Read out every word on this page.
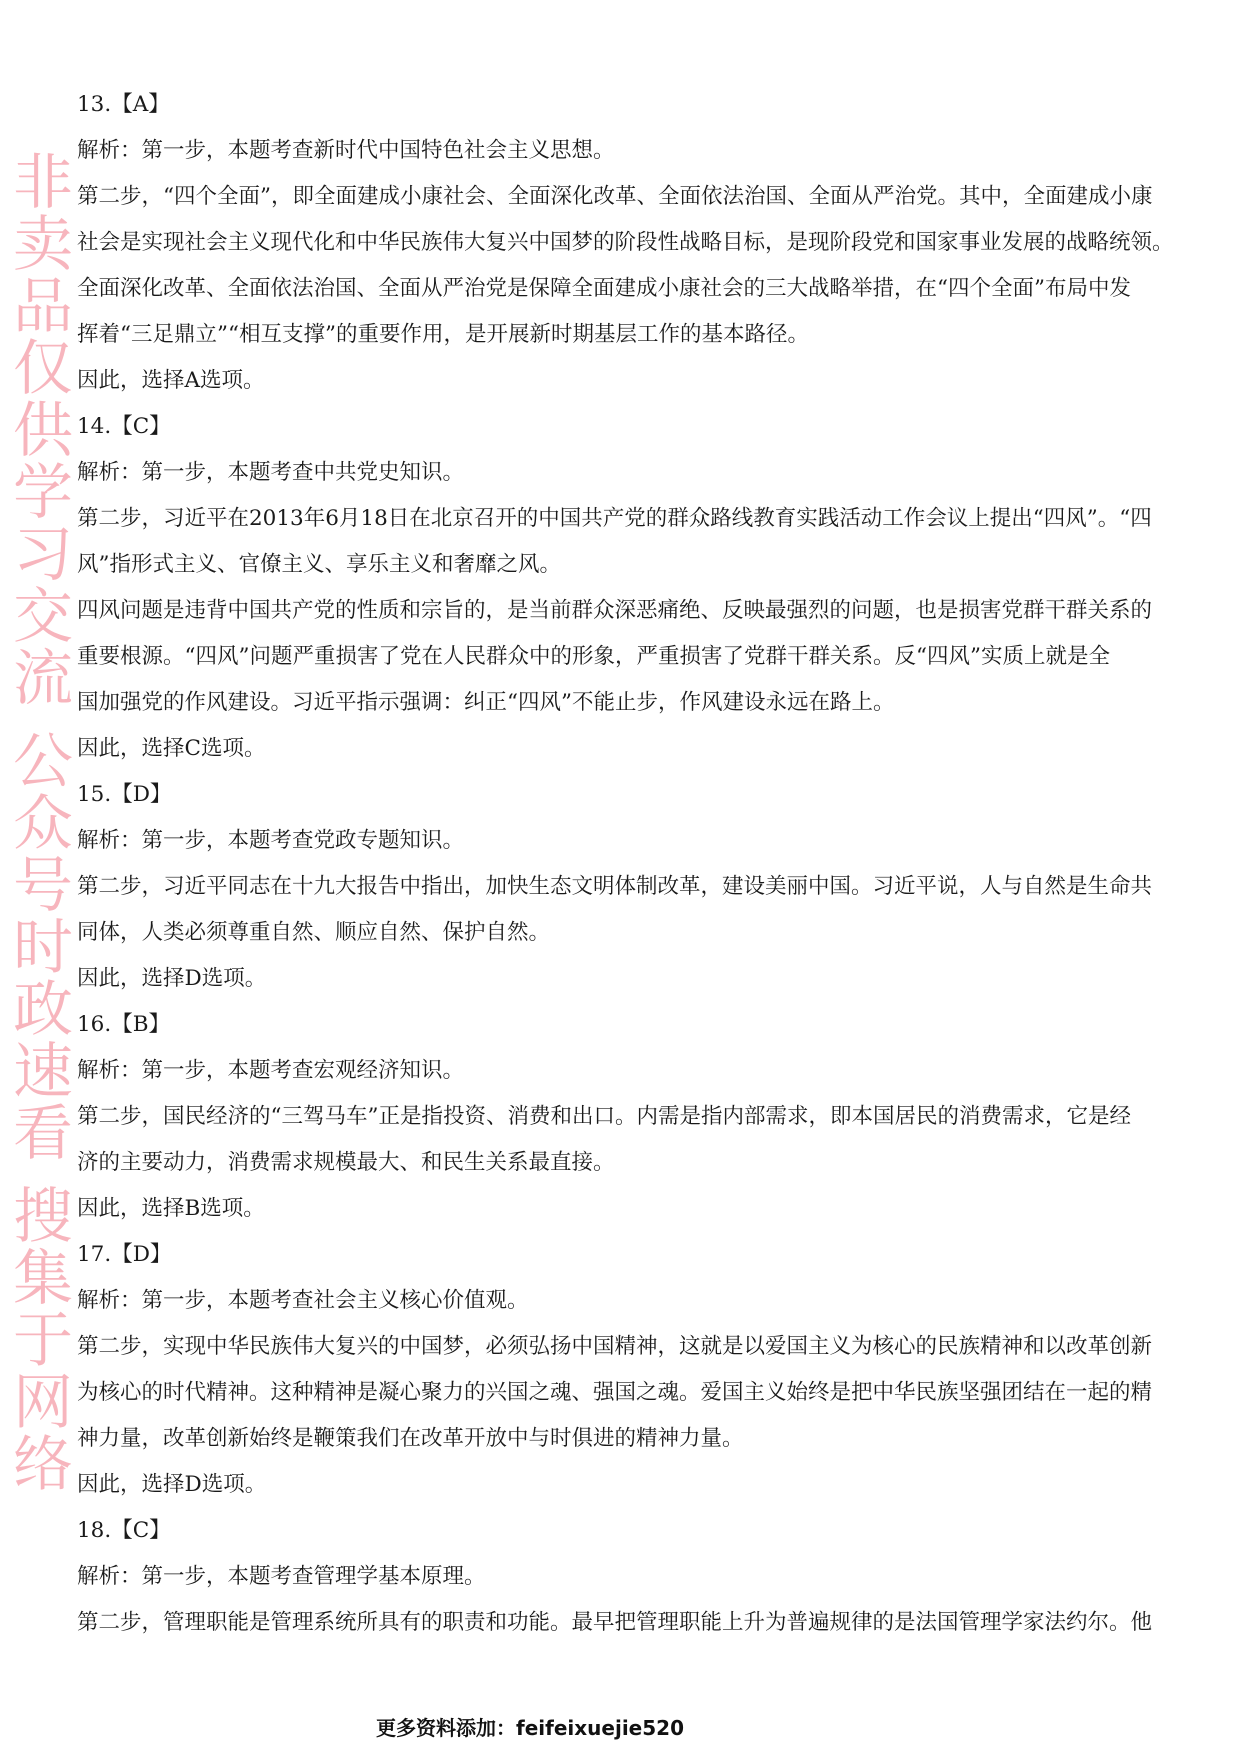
非卖品仅供学习交流 公众号时政速看 搜集于网络
13.【A】
解析：第一步，本题考查新时代中国特色社会主义思想。
第二步，“四个全面”，即全面建成小康社会、全面深化改革、全面依法治国、全面从严治党。其中，全面建成小康
社会是实现社会主义现代化和中华民族伟大复兴中国梦的阶段性战略目标，是现阶段党和国家事业发展的战略统领。
全面深化改革、全面依法治国、全面从严治党是保障全面建成小康社会的三大战略举措，在“四个全面”布局中发
挥着“三足鼎立”“相互支撑”的重要作用，是开展新时期基层工作的基本路径。
因此，选择A选项。
14.【C】
解析：第一步，本题考查中共党史知识。
第二步，习近平在2013年6月18日在北京召开的中国共产党的群众路线教育实践活动工作会议上提出“四风”。“四
风”指形式主义、官僚主义、享乐主义和奢靡之风。
四风问题是违背中国共产党的性质和宗旨的，是当前群众深恶痛绝、反映最强烈的问题，也是损害党群干群关系的
重要根源。“四风”问题严重损害了党在人民群众中的形象，严重损害了党群干群关系。反“四风”实质上就是全
国加强党的作风建设。习近平指示强调：纠正“四风”不能止步，作风建设永远在路上。
因此，选择C选项。
15.【D】
解析：第一步，本题考查党政专题知识。
第二步，习近平同志在十九大报告中指出，加快生态文明体制改革，建设美丽中国。习近平说，人与自然是生命共
同体，人类必须尊重自然、顺应自然、保护自然。
因此，选择D选项。
16.【B】
解析：第一步，本题考查宏观经济知识。
第二步，国民经济的“三驾马车”正是指投资、消费和出口。内需是指内部需求，即本国居民的消费需求，它是经
济的主要动力，消费需求规模最大、和民生关系最直接。
因此，选择B选项。
17.【D】
解析：第一步，本题考查社会主义核心价值观。
第二步，实现中华民族伟大复兴的中国梦，必须弘扬中国精神，这就是以爱国主义为核心的民族精神和以改革创新
为核心的时代精神。这种精神是凝心聚力的兴国之魂、强国之魂。爱国主义始终是把中华民族坚强团结在一起的精
神力量，改革创新始终是鞭策我们在改革开放中与时俱进的精神力量。
因此，选择D选项。
18.【C】
解析：第一步，本题考查管理学基本原理。
第二步，管理职能是管理系统所具有的职责和功能。最早把管理职能上升为普遍规律的是法国管理学家法约尔。他
更多资料添加：feifeixuejie520
